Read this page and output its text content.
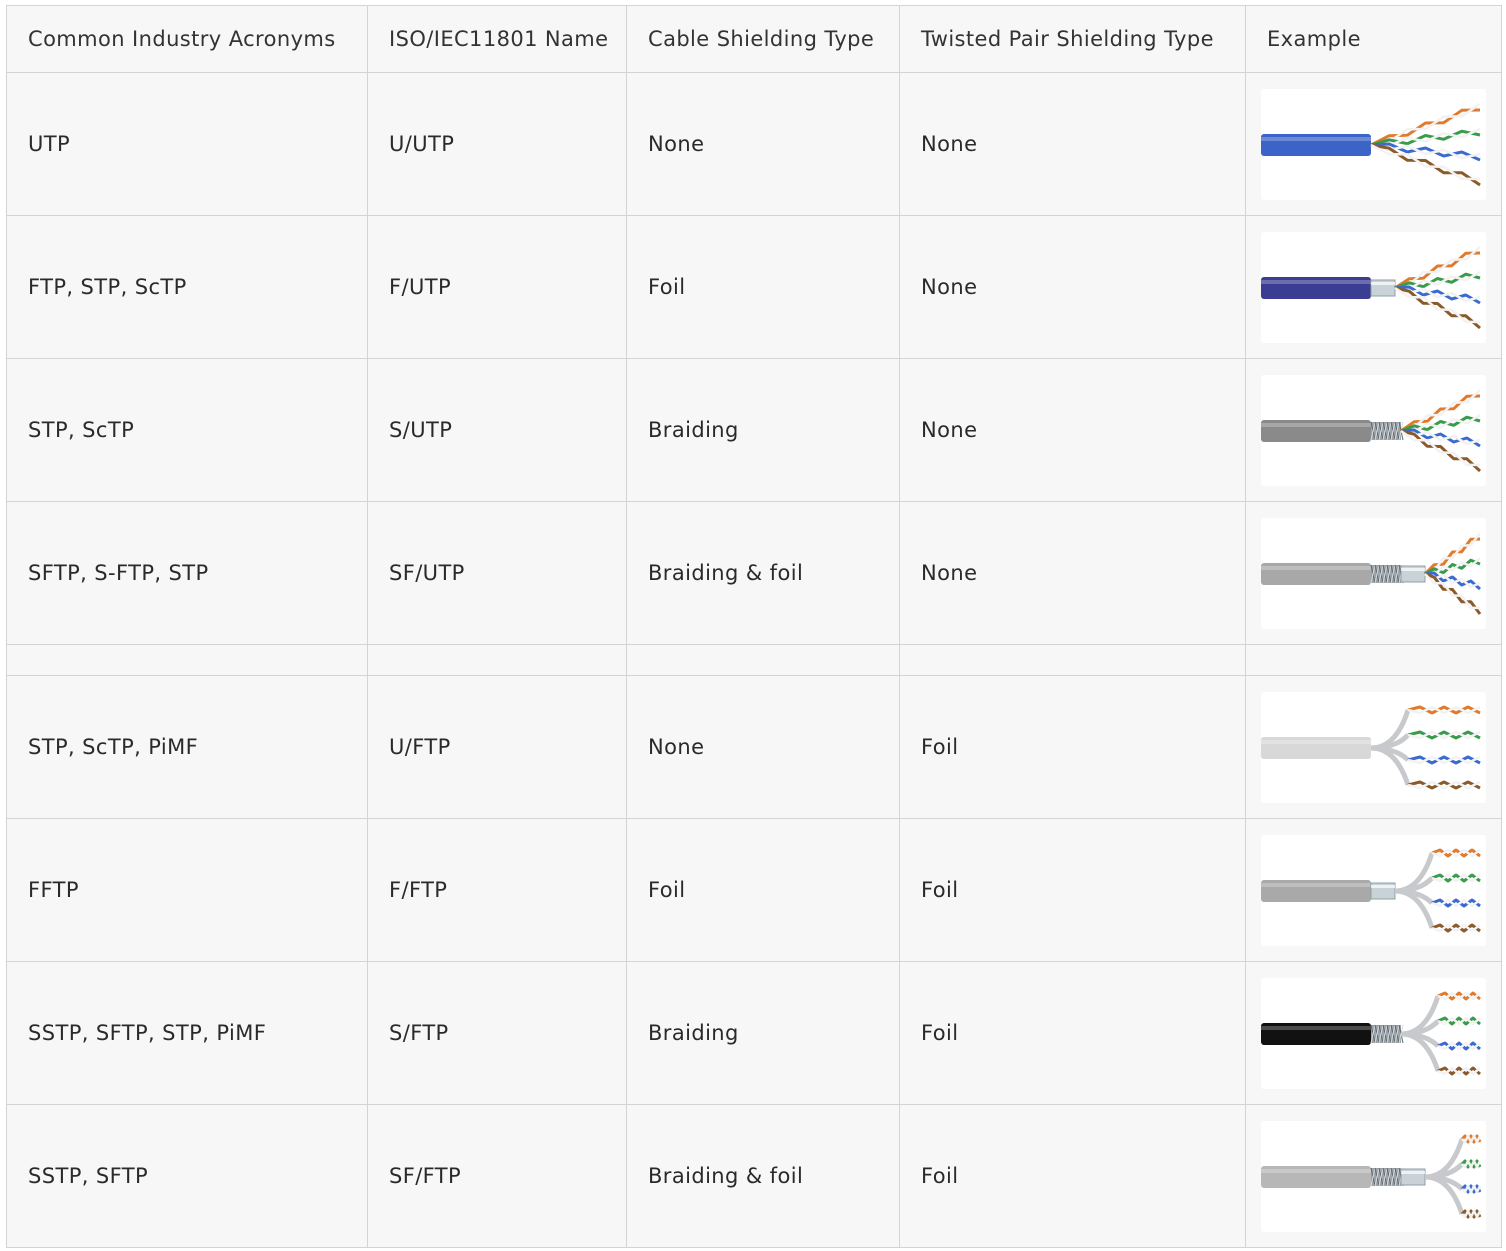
Common Industry Acronyms	ISO/IEC11801 Name	Cable Shielding Type	Twisted Pair Shielding Type	Example
UTP	U/UTP	None	None	

FTP, STP, ScTP	F/UTP	Foil	None	

STP, ScTP	S/UTP	Braiding	None	

SFTP, S-FTP, STP	SF/UTP	Braiding & foil	None	

STP, ScTP, PiMF	U/FTP	None	Foil	

FFTP	F/FTP	Foil	Foil	

SSTP, SFTP, STP, PiMF	S/FTP	Braiding	Foil	

SSTP, SFTP	SF/FTP	Braiding & foil	Foil	
